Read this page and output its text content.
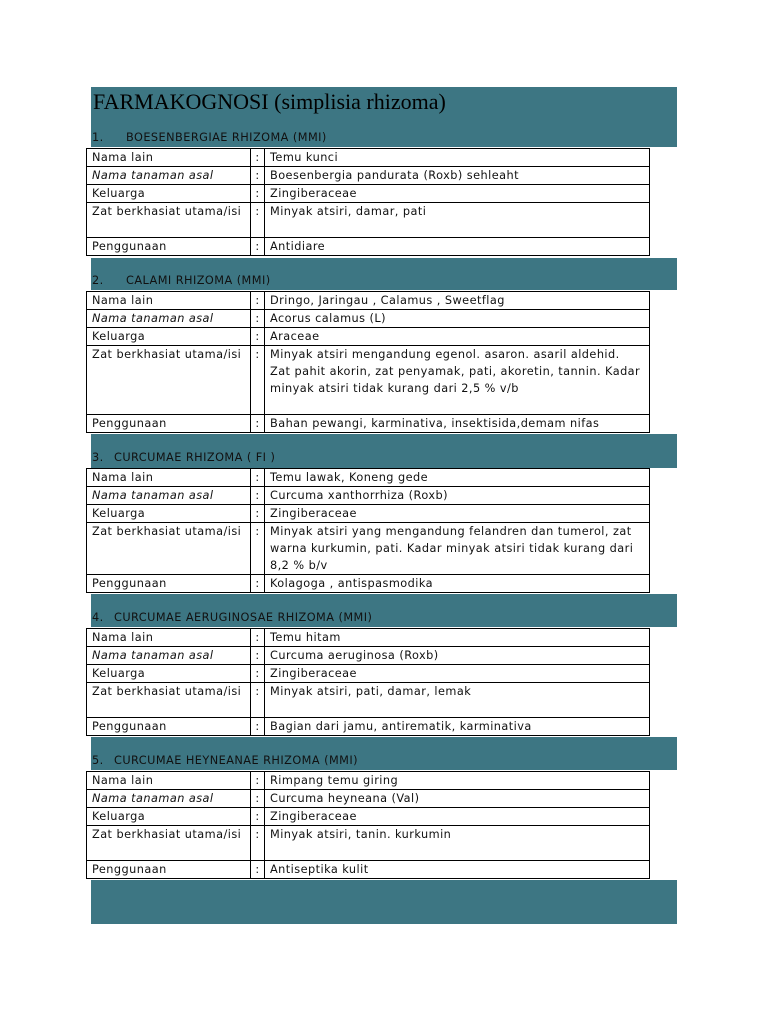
FARMAKOGNOSI (simplisia rhizoma)
1. BOESENBERGIAE RHIZOMA (MMI)
Nama lain	:	Temu kunci
Nama tanaman asal	:	Boesenbergia pandurata (Roxb) sehleaht
Keluarga	:	Zingiberaceae
Zat berkhasiat utama/isi	:	Minyak atsiri, damar, pati
Penggunaan	:	Antidiare
2. CALAMI RHIZOMA (MMI)
Nama lain	:	Dringo, Jaringau , Calamus , Sweetflag
Nama tanaman asal	:	Acorus calamus (L)
Keluarga	:	Araceae
Zat berkhasiat utama/isi	:	Minyak atsiri mengandung egenol. asaron. asaril aldehid. Zat pahit akorin, zat penyamak, pati, akoretin, tannin. Kadar minyak atsiri tidak kurang dari 2,5 % v/b
Penggunaan	:	Bahan pewangi, karminativa, insektisida,demam nifas
3. CURCUMAE RHIZOMA ( FI )
Nama lain	:	Temu lawak, Koneng gede
Nama tanaman asal	:	Curcuma xanthorrhiza (Roxb)
Keluarga	:	Zingiberaceae
Zat berkhasiat utama/isi	:	Minyak atsiri yang mengandung felandren dan tumerol, zat warna kurkumin, pati. Kadar minyak atsiri tidak kurang dari 8,2 % b/v
Penggunaan	:	Kolagoga , antispasmodika
4. CURCUMAE AERUGINOSAE RHIZOMA (MMI)
Nama lain	:	Temu hitam
Nama tanaman asal	:	Curcuma aeruginosa (Roxb)
Keluarga	:	Zingiberaceae
Zat berkhasiat utama/isi	:	Minyak atsiri, pati, damar, lemak
Penggunaan	:	Bagian dari jamu, antirematik, karminativa
5. CURCUMAE HEYNEANAE RHIZOMA (MMI)
Nama lain	:	Rimpang temu giring
Nama tanaman asal	:	Curcuma heyneana (Val)
Keluarga	:	Zingiberaceae
Zat berkhasiat utama/isi	:	Minyak atsiri, tanin. kurkumin
Penggunaan	:	Antiseptika kulit
